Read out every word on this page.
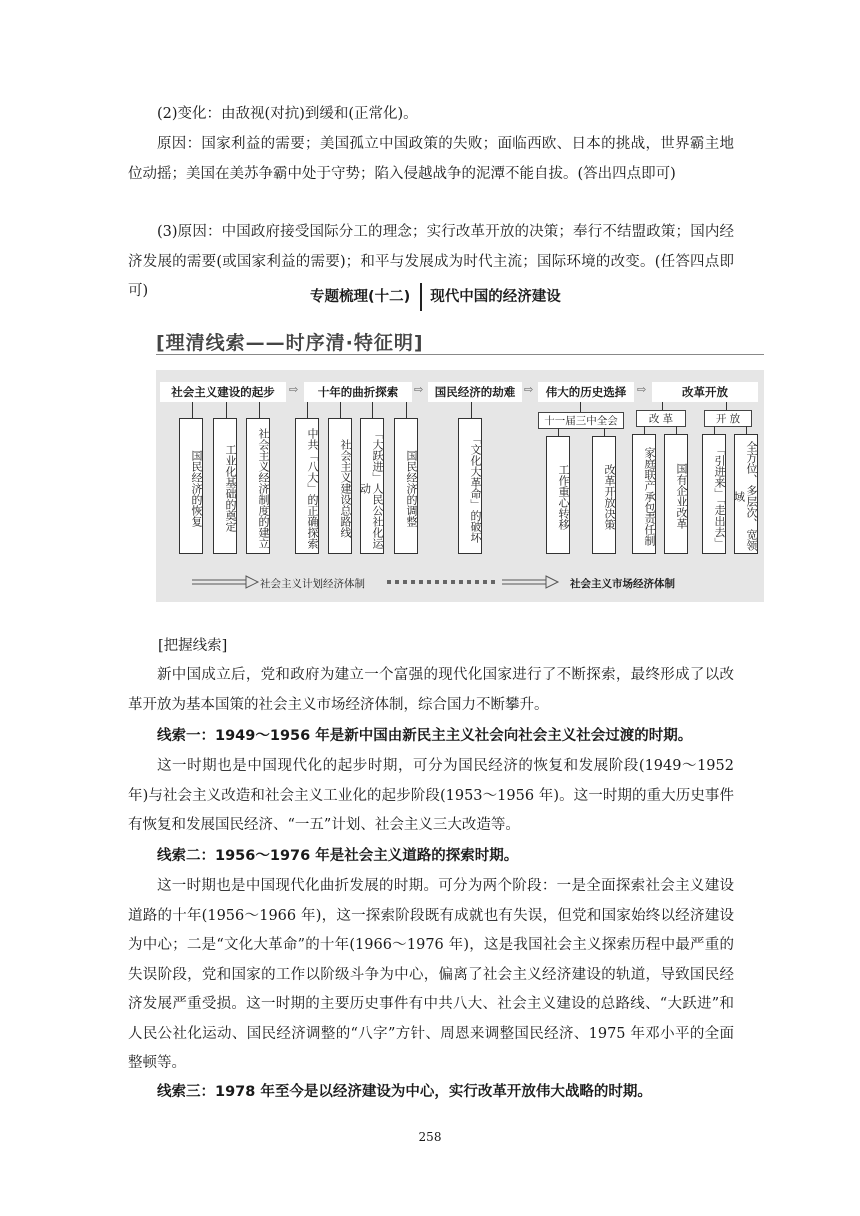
(2)变化：由敌视(对抗)到缓和(正常化)。

原因：国家利益的需要；美国孤立中国政策的失败；面临西欧、日本的挑战，世界霸主地位动摇；美国在美苏争霸中处于守势；陷入侵越战争的泥潭不能自拔。(答出四点即可)

(3)原因：中国政府接受国际分工的理念；实行改革开放的决策；奉行不结盟政策；国内经济发展的需要(或国家利益的需要)；和平与发展成为时代主流；国际环境的改变。(任答四点即可)	专题梳理(十二) 现代中国的经济建设
[理清线索——时序清·特征明]
社会主义建设的起步	⇨	十年的曲折探索	⇨	国民经济的劫难 ⇨	伟大的历史选择 ⇨	改革开放
十一届三中全会	改 革	开 放
国民经济的恢复	工业化基础的奠定	社会主义经济制度的建立	中共「八大」的正确探索	社会主义建设总路线	「大跃进」人民公社化运动	国民经济的调整	「文化大革命」的破坏	工作重心转移	改革开放决策	家庭联产承包责任制	国有企业改革	「引进来」「走出去」	全方位、多层次、宽领域
社会主义计划经济体制	社会主义市场经济体制

[把握线索]

新中国成立后，党和政府为建立一个富强的现代化国家进行了不断探索，最终形成了以改革开放为基本国策的社会主义市场经济体制，综合国力不断攀升。

线索一：1949～1956 年是新中国由新民主主义社会向社会主义社会过渡的时期。

这一时期也是中国现代化的起步时期，可分为国民经济的恢复和发展阶段(1949～1952 年)与社会主义改造和社会主义工业化的起步阶段(1953～1956 年)。这一时期的重大历史事件有恢复和发展国民经济、“一五”计划、社会主义三大改造等。

线索二：1956～1976 年是社会主义道路的探索时期。

这一时期也是中国现代化曲折发展的时期。可分为两个阶段：一是全面探索社会主义建设道路的十年(1956～1966 年)，这一探索阶段既有成就也有失误，但党和国家始终以经济建设为中心；二是“文化大革命”的十年(1966～1976 年)，这是我国社会主义探索历程中最严重的失误阶段，党和国家的工作以阶级斗争为中心，偏离了社会主义经济建设的轨道，导致国民经济发展严重受损。这一时期的主要历史事件有中共八大、社会主义建设的总路线、“大跃进”和人民公社化运动、国民经济调整的“八字”方针、周恩来调整国民经济、1975 年邓小平的全面整顿等。

线索三：1978 年至今是以经济建设为中心，实行改革开放伟大战略的时期。

258
